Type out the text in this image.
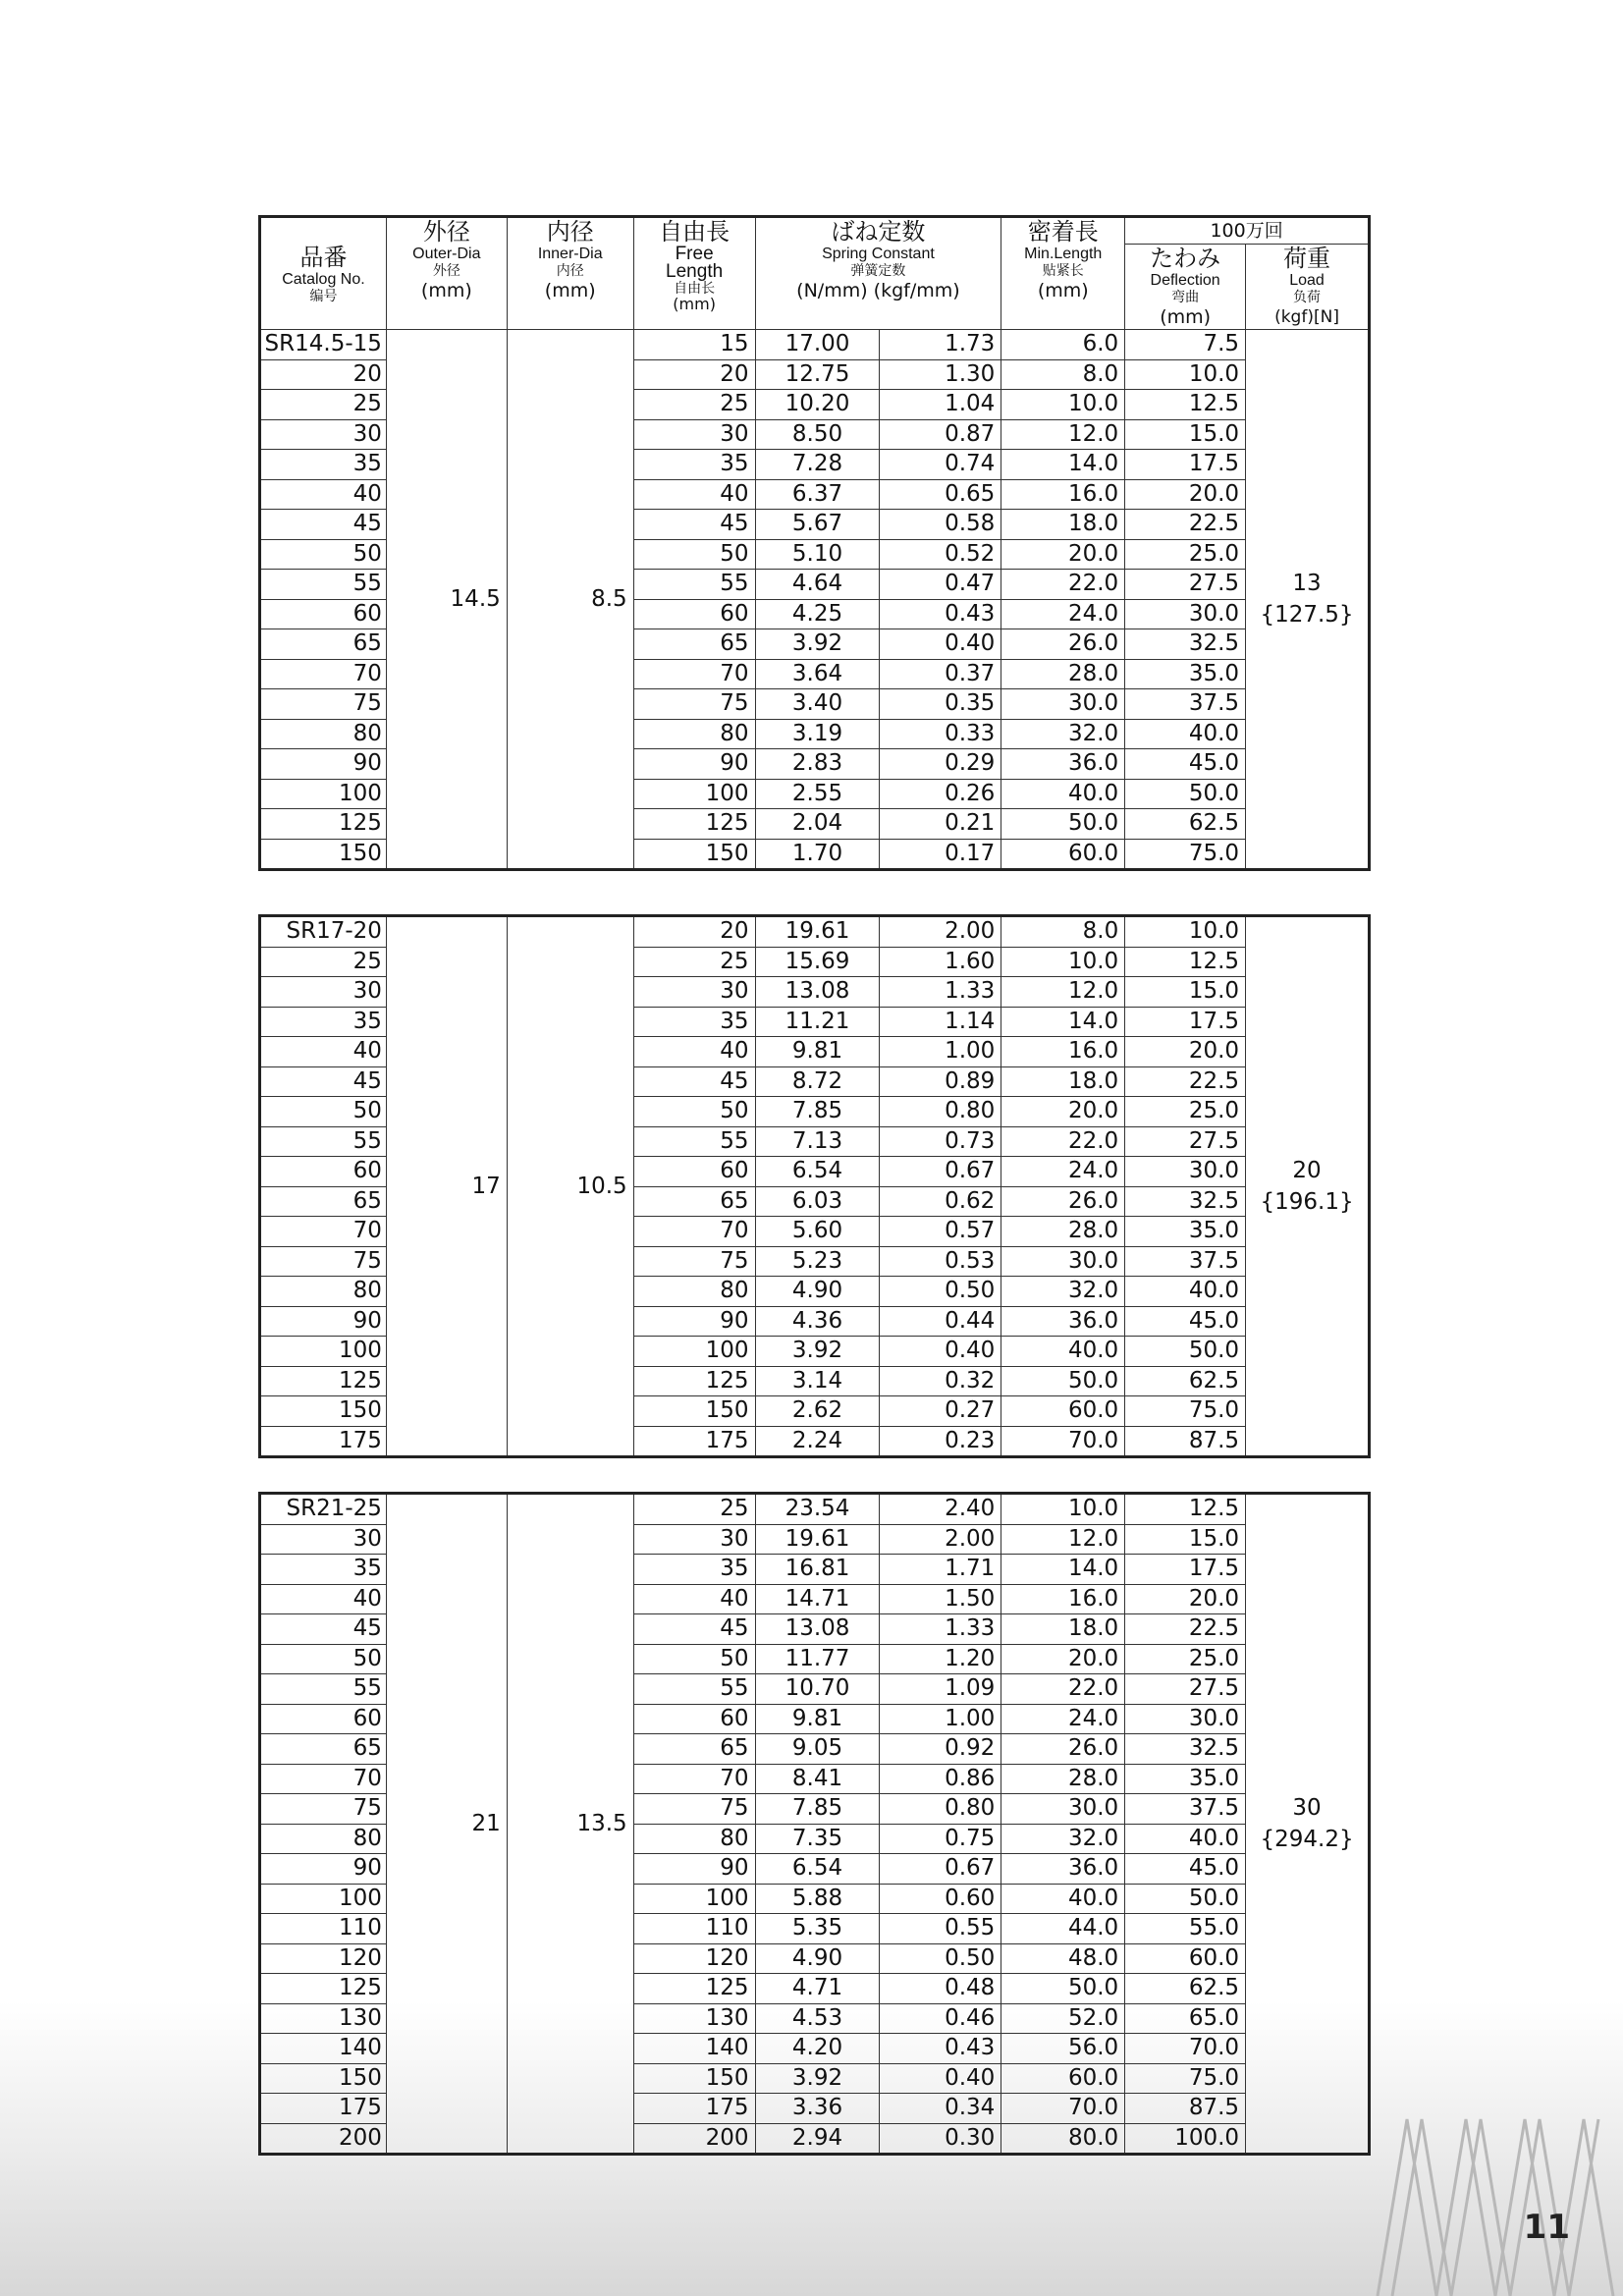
11
品番
Catalog No.
编号	外径
Outer-Dia
外径
(mm)	内径
Inner-Dia
内径
(mm)	自由長
Free
Length
自由长
(mm)	ばね定数
Spring Constant
弹簧定数
(N/mm) (kgf/mm)		密着長
Min.Length
贴紧长
(mm)	100万回	

							たわみ
Deflection
弯曲
(mm)	荷重
Load
负荷
(kgf)[N]

SR14.5-15	14.5	8.5	15	17.00	1.73	6.0	7.5	13
{127.5}

20			20	12.75	1.30	8.0	10.0	
25			25	10.20	1.04	10.0	12.5	
30			30	8.50	0.87	12.0	15.0	
35			35	7.28	0.74	14.0	17.5	
40			40	6.37	0.65	16.0	20.0	
45			45	5.67	0.58	18.0	22.5	
50			50	5.10	0.52	20.0	25.0	
55			55	4.64	0.47	22.0	27.5	
60			60	4.25	0.43	24.0	30.0	
65			65	3.92	0.40	26.0	32.5	
70			70	3.64	0.37	28.0	35.0	
75			75	3.40	0.35	30.0	37.5	
80			80	3.19	0.33	32.0	40.0	
90			90	2.83	0.29	36.0	45.0	
100			100	2.55	0.26	40.0	50.0	
125			125	2.04	0.21	50.0	62.5	
150			150	1.70	0.17	60.0	75.0	
SR17-20	17	10.5	20	19.61	2.00	8.0	10.0	20
{196.1}

25			25	15.69	1.60	10.0	12.5	
30			30	13.08	1.33	12.0	15.0	
35			35	11.21	1.14	14.0	17.5	
40			40	9.81	1.00	16.0	20.0	
45			45	8.72	0.89	18.0	22.5	
50			50	7.85	0.80	20.0	25.0	
55			55	7.13	0.73	22.0	27.5	
60			60	6.54	0.67	24.0	30.0	
65			65	6.03	0.62	26.0	32.5	
70			70	5.60	0.57	28.0	35.0	
75			75	5.23	0.53	30.0	37.5	
80			80	4.90	0.50	32.0	40.0	
90			90	4.36	0.44	36.0	45.0	
100			100	3.92	0.40	40.0	50.0	
125			125	3.14	0.32	50.0	62.5	
150			150	2.62	0.27	60.0	75.0	
175			175	2.24	0.23	70.0	87.5	
SR21-25	21	13.5	25	23.54	2.40	10.0	12.5	30
{294.2}

30			30	19.61	2.00	12.0	15.0	
35			35	16.81	1.71	14.0	17.5	
40			40	14.71	1.50	16.0	20.0	
45			45	13.08	1.33	18.0	22.5	
50			50	11.77	1.20	20.0	25.0	
55			55	10.70	1.09	22.0	27.5	
60			60	9.81	1.00	24.0	30.0	
65			65	9.05	0.92	26.0	32.5	
70			70	8.41	0.86	28.0	35.0	
75			75	7.85	0.80	30.0	37.5	
80			80	7.35	0.75	32.0	40.0	
90			90	6.54	0.67	36.0	45.0	
100			100	5.88	0.60	40.0	50.0	
110			110	5.35	0.55	44.0	55.0	
120			120	4.90	0.50	48.0	60.0	
125			125	4.71	0.48	50.0	62.5	
130			130	4.53	0.46	52.0	65.0	
140			140	4.20	0.43	56.0	70.0	
150			150	3.92	0.40	60.0	75.0	
175			175	3.36	0.34	70.0	87.5	
200			200	2.94	0.30	80.0	100.0	
